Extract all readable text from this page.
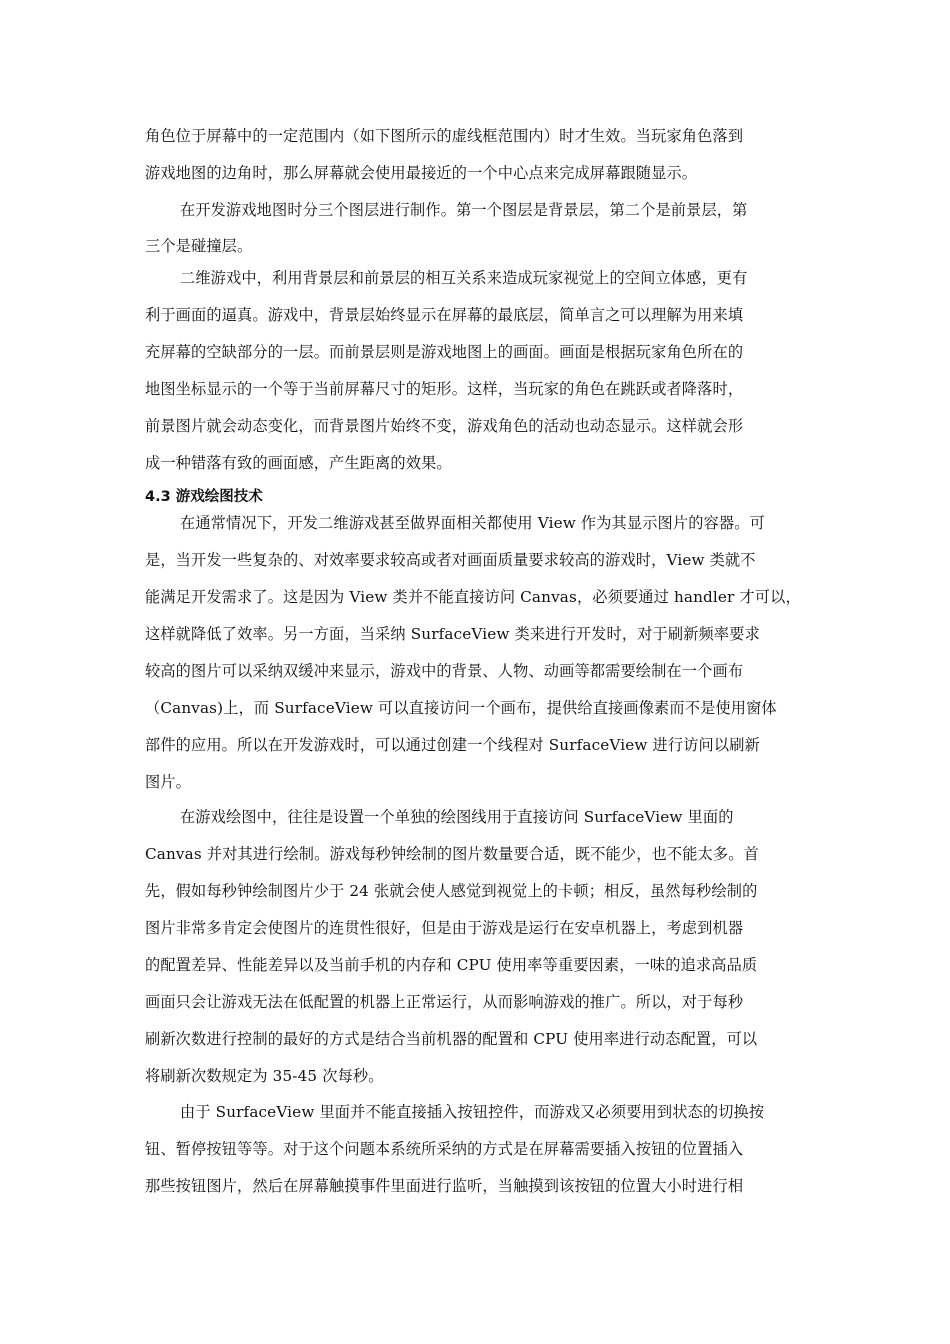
角色位于屏幕中的一定范围内（如下图所示的虚线框范围内）时才生效。当玩家角色落到
游戏地图的边角时，那么屏幕就会使用最接近的一个中心点来完成屏幕跟随显示。
在开发游戏地图时分三个图层进行制作。第一个图层是背景层，第二个是前景层，第
三个是碰撞层。
二维游戏中，利用背景层和前景层的相互关系来造成玩家视觉上的空间立体感，更有
利于画面的逼真。游戏中，背景层始终显示在屏幕的最底层，简单言之可以理解为用来填
充屏幕的空缺部分的一层。而前景层则是游戏地图上的画面。画面是根据玩家角色所在的
地图坐标显示的一个等于当前屏幕尺寸的矩形。这样，当玩家的角色在跳跃或者降落时，
前景图片就会动态变化，而背景图片始终不变，游戏角色的活动也动态显示。这样就会形
成一种错落有致的画面感，产生距离的效果。
4.3 游戏绘图技术
在通常情况下，开发二维游戏甚至做界面相关都使用 View 作为其显示图片的容器。可
是，当开发一些复杂的、对效率要求较高或者对画面质量要求较高的游戏时，View 类就不
能满足开发需求了。这是因为 View 类并不能直接访问 Canvas，必须要通过 handler 才可以，
这样就降低了效率。另一方面，当采纳 SurfaceView 类来进行开发时，对于刷新频率要求
较高的图片可以采纳双缓冲来显示，游戏中的背景、人物、动画等都需要绘制在一个画布
（Canvas)上，而 SurfaceView 可以直接访问一个画布，提供给直接画像素而不是使用窗体
部件的应用。所以在开发游戏时，可以通过创建一个线程对 SurfaceView 进行访问以刷新
图片。
在游戏绘图中，往往是设置一个单独的绘图线用于直接访问 SurfaceView 里面的
Canvas 并对其进行绘制。游戏每秒钟绘制的图片数量要合适，既不能少，也不能太多。首
先，假如每秒钟绘制图片少于 24 张就会使人感觉到视觉上的卡顿；相反，虽然每秒绘制的
图片非常多肯定会使图片的连贯性很好，但是由于游戏是运行在安卓机器上，考虑到机器
的配置差异、性能差异以及当前手机的内存和 CPU 使用率等重要因素，一味的追求高品质
画面只会让游戏无法在低配置的机器上正常运行，从而影响游戏的推广。所以，对于每秒
刷新次数进行控制的最好的方式是结合当前机器的配置和 CPU 使用率进行动态配置，可以
将刷新次数规定为 35-45 次每秒。
由于 SurfaceView 里面并不能直接插入按钮控件，而游戏又必须要用到状态的切换按
钮、暂停按钮等等。对于这个问题本系统所采纳的方式是在屏幕需要插入按钮的位置插入
那些按钮图片，然后在屏幕触摸事件里面进行监听，当触摸到该按钮的位置大小时进行相
